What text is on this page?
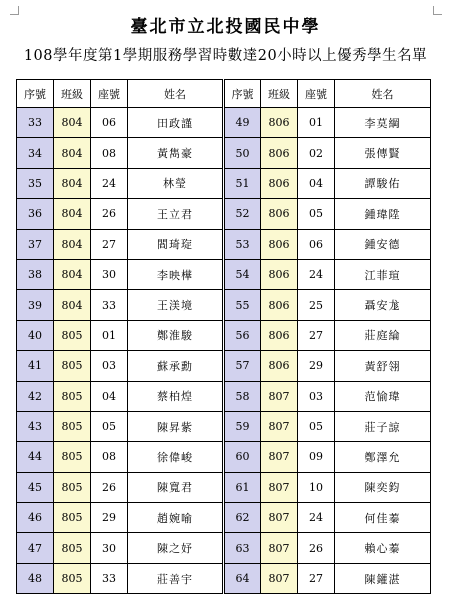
臺北市立北投國民中學
108學年度第1學期服務學習時數達20小時以上優秀學生名單
序號	班級	座號	姓名	序號	班級	座號	姓名
33	804	06	田政謹	49	806	01	李莫綱
34	804	08	黃雋豪	50	806	02	張傳賢
35	804	24	林瑩	51	806	04	譚駿佑
36	804	26	王立君	52	806	05	鍾瑋陞
37	804	27	閻琦琁	53	806	06	鍾安德
38	804	30	李映樺	54	806	24	江菲瑄
39	804	33	王渼境	55	806	25	聶安尨
40	805	01	鄭淮駿	56	806	27	莊庭綸
41	805	03	蘇承勳	57	806	29	黃舒翎
42	805	04	蔡柏煌	58	807	03	范愉瑋
43	805	05	陳昇紫	59	807	05	莊子諒
44	805	08	徐偉峻	60	807	09	鄭澤允
45	805	26	陳寬君	61	807	10	陳奕鈞
46	805	29	趙婉喻	62	807	24	何佳蓁
47	805	30	陳之妤	63	807	26	賴心蓁
48	805	33	莊善宇	64	807	27	陳鑵湛
